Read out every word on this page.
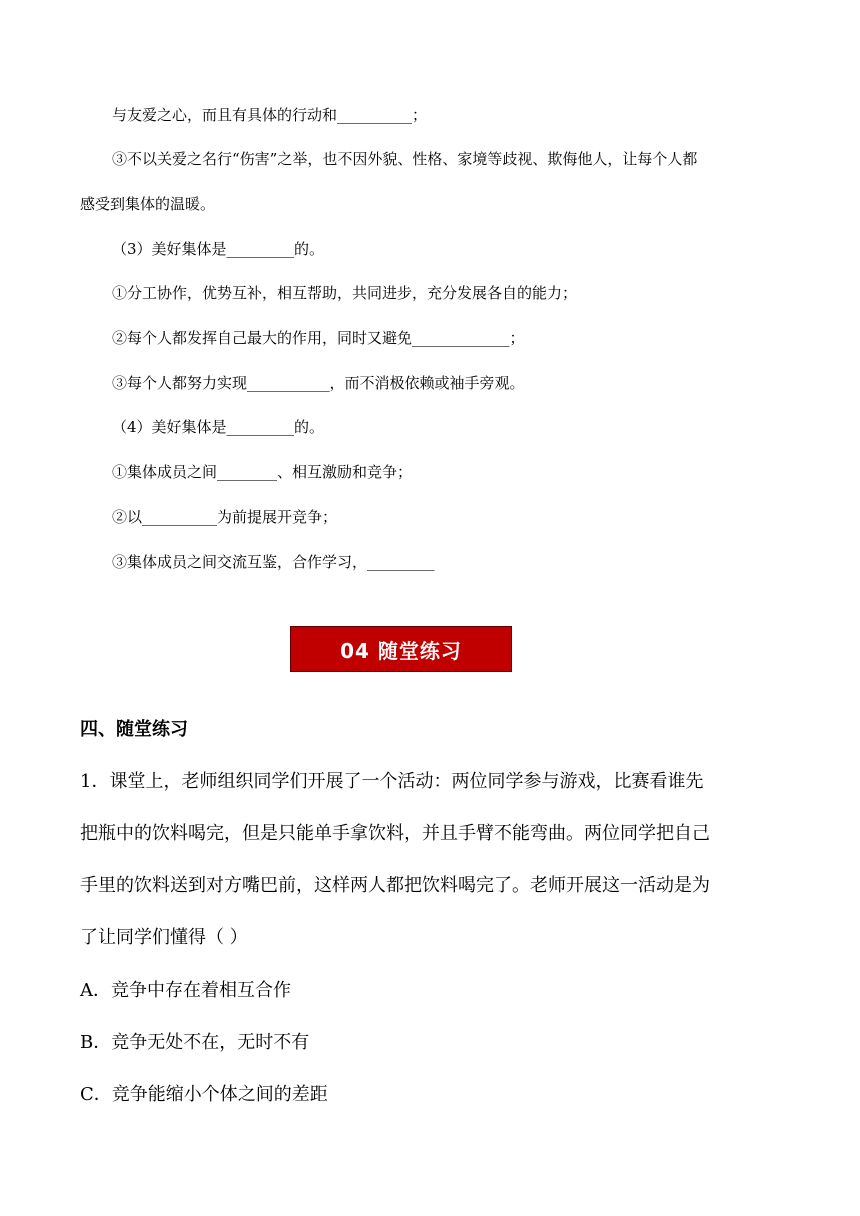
与友爱之心，而且有具体的行动和__________；
③不以关爱之名行“伤害”之举，也不因外貌、性格、家境等歧视、欺侮他人，让每个人都
感受到集体的温暖。
（3）美好集体是_________的。
①分工协作，优势互补，相互帮助，共同进步，充分发展各自的能力；
②每个人都发挥自己最大的作用，同时又避免_____________；
③每个人都努力实现___________，而不消极依赖或袖手旁观。
（4）美好集体是_________的。
①集体成员之间________、相互激励和竞争；
②以__________为前提展开竞争；
③集体成员之间交流互鉴，合作学习，_________
04 随堂练习
四、随堂练习
1．课堂上，老师组织同学们开展了一个活动：两位同学参与游戏，比赛看谁先
把瓶中的饮料喝完，但是只能单手拿饮料，并且手臂不能弯曲。两位同学把自己
手里的饮料送到对方嘴巴前，这样两人都把饮料喝完了。老师开展这一活动是为
了让同学们懂得（ ）
A．竞争中存在着相互合作
B．竞争无处不在，无时不有
C．竞争能缩小个体之间的差距
